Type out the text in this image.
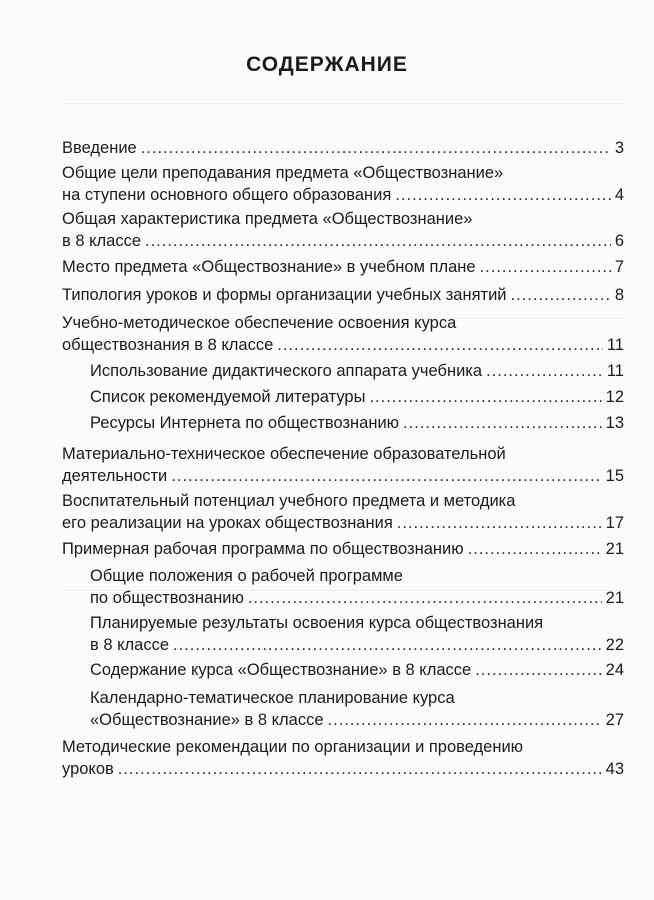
СОДЕРЖАНИЕ
Введение .....	3
Общие цели преподавания предмета «Обществознание»
на ступени основного общего образования .....	4
Общая характеристика предмета «Обществознание»
в 8 классе .....	6
Место предмета «Обществознание» в учебном плане .....	7
Типология уроков и формы организации учебных занятий .....	8
Учебно-методическое обеспечение освоения курса
обществознания в 8 классе .....	11
Использование дидактического аппарата учебника .....	11
Список рекомендуемой литературы .....	12
Ресурсы Интернета по обществознанию .....	13
Материально-техническое обеспечение образовательной
деятельности .....	15
Воспитательный потенциал учебного предмета и методика
его реализации на уроках обществознания .....	17
Примерная рабочая программа по обществознанию .....	21
Общие положения о рабочей программе
по обществознанию .....	21
Планируемые результаты освоения курса обществознания
в 8 классе .....	22
Содержание курса «Обществознание» в 8 классе .....	24
Календарно-тематическое планирование курса
«Обществознание» в 8 классе .....	27
Методические рекомендации по организации и проведению
уроков .....	43
